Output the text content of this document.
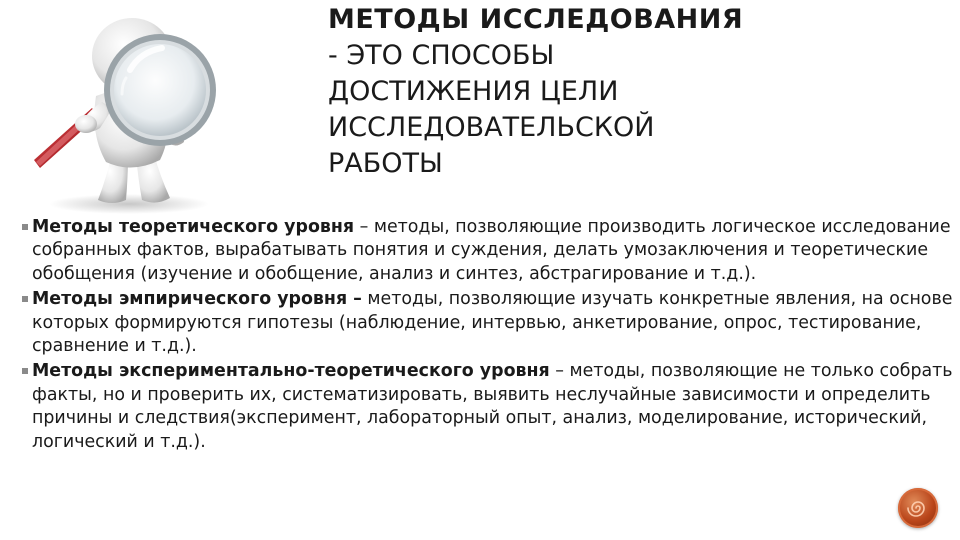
МЕТОДЫ ИССЛЕДОВАНИЯ

- ЭТО СПОСОБЫ

ДОСТИЖЕНИЯ ЦЕЛИ

ИССЛЕДОВАТЕЛЬСКОЙ

РАБОТЫ

Методы теоретического уровня – методы, позволяющие производить логическое исследование собранных фактов, вырабатывать понятия и суждения, делать умозаключения и теоретические обобщения (изучение и обобщение, анализ и синтез, абстрагирование и т.д.).
Методы эмпирического уровня – методы, позволяющие изучать конкретные явления, на основе которых формируются гипотезы (наблюдение, интервью, анкетирование, опрос, тестирование, сравнение и т.д.).
Методы экспериментально-теоретического уровня – методы, позволяющие не только собрать факты, но и проверить их, систематизировать, выявить неслучайные зависимости и определить причины и следствия(эксперимент, лабораторный опыт, анализ, моделирование, исторический, логический и т.д.).
